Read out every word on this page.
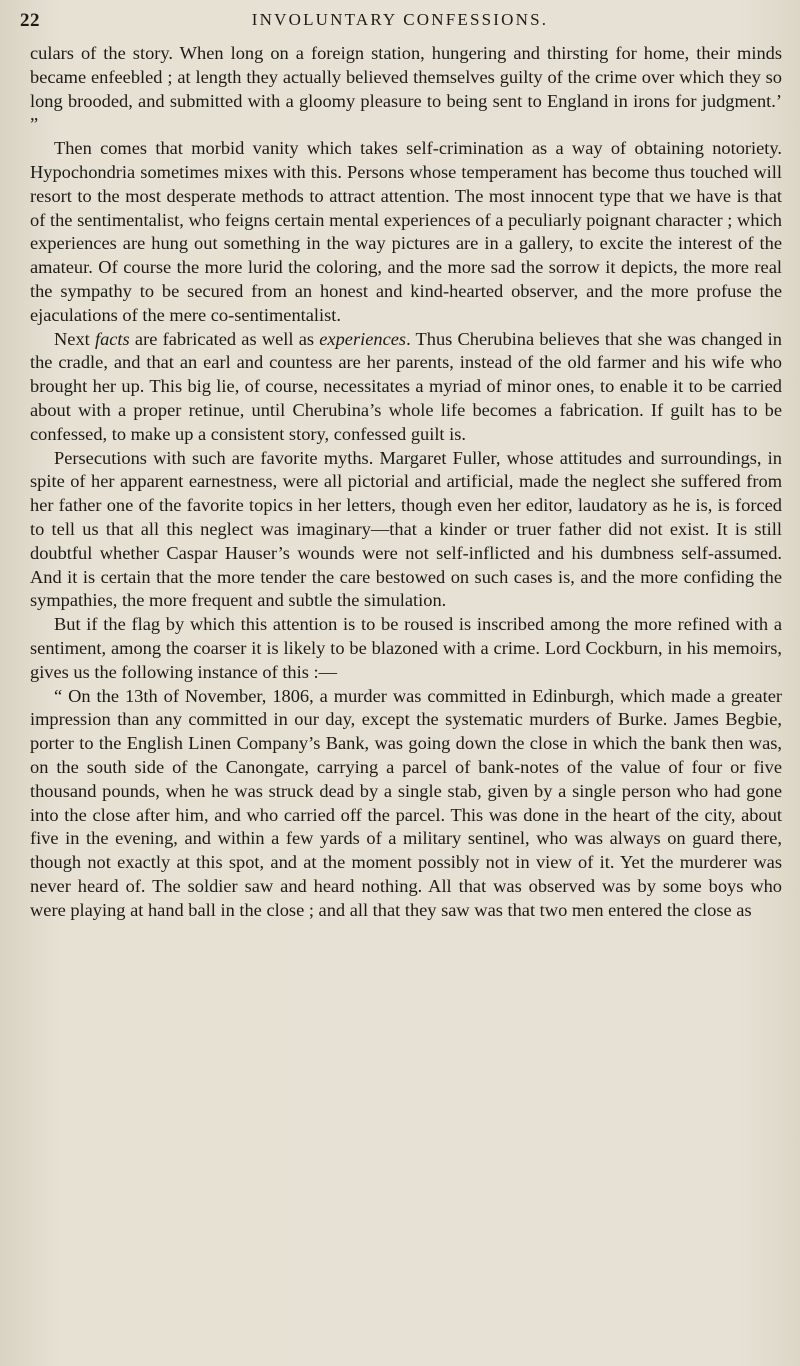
22	INVOLUNTARY CONFESSIONS.

culars of the story. When long on a foreign station, hungering and thirsting for home, their minds became enfeebled ; at length they actually believed themselves guilty of the crime over which they so long brooded, and submitted with a gloomy pleasure to being sent to England in irons for judgment.’ ”

Then comes that morbid vanity which takes self-crimination as a way of obtaining notoriety. Hypochondria sometimes mixes with this. Persons whose temperament has become thus touched will resort to the most desperate methods to attract attention. The most innocent type that we have is that of the sentimentalist, who feigns certain mental experiences of a peculiarly poignant character ; which experiences are hung out something in the way pictures are in a gallery, to excite the interest of the amateur. Of course the more lurid the coloring, and the more sad the sorrow it depicts, the more real the sympathy to be secured from an honest and kind-hearted observer, and the more profuse the ejaculations of the mere co-sentimentalist.

Next facts are fabricated as well as experiences. Thus Cherubina believes that she was changed in the cradle, and that an earl and countess are her parents, instead of the old farmer and his wife who brought her up. This big lie, of course, necessitates a myriad of minor ones, to enable it to be carried about with a proper retinue, until Cherubina’s whole life becomes a fabrication. If guilt has to be confessed, to make up a consistent story, confessed guilt is.

Persecutions with such are favorite myths. Margaret Fuller, whose attitudes and surroundings, in spite of her apparent earnestness, were all pictorial and artificial, made the neglect she suffered from her father one of the favorite topics in her letters, though even her editor, laudatory as he is, is forced to tell us that all this neglect was imaginary—that a kinder or truer father did not exist. It is still doubtful whether Caspar Hauser’s wounds were not self-inflicted and his dumbness self-assumed. And it is certain that the more tender the care bestowed on such cases is, and the more confiding the sympathies, the more frequent and subtle the simulation.

But if the flag by which this attention is to be roused is inscribed among the more refined with a sentiment, among the coarser it is likely to be blazoned with a crime. Lord Cockburn, in his memoirs, gives us the following instance of this :—

“ On the 13th of November, 1806, a murder was committed in Edinburgh, which made a greater impression than any committed in our day, except the systematic murders of Burke. James Begbie, porter to the English Linen Company’s Bank, was going down the close in which the bank then was, on the south side of the Canongate, carrying a parcel of bank-notes of the value of four or five thousand pounds, when he was struck dead by a single stab, given by a single person who had gone into the close after him, and who carried off the parcel. This was done in the heart of the city, about five in the evening, and within a few yards of a military sentinel, who was always on guard there, though not exactly at this spot, and at the moment possibly not in view of it. Yet the murderer was never heard of. The soldier saw and heard nothing. All that was observed was by some boys who were playing at hand ball in the close ; and all that they saw was that two men entered the close as
